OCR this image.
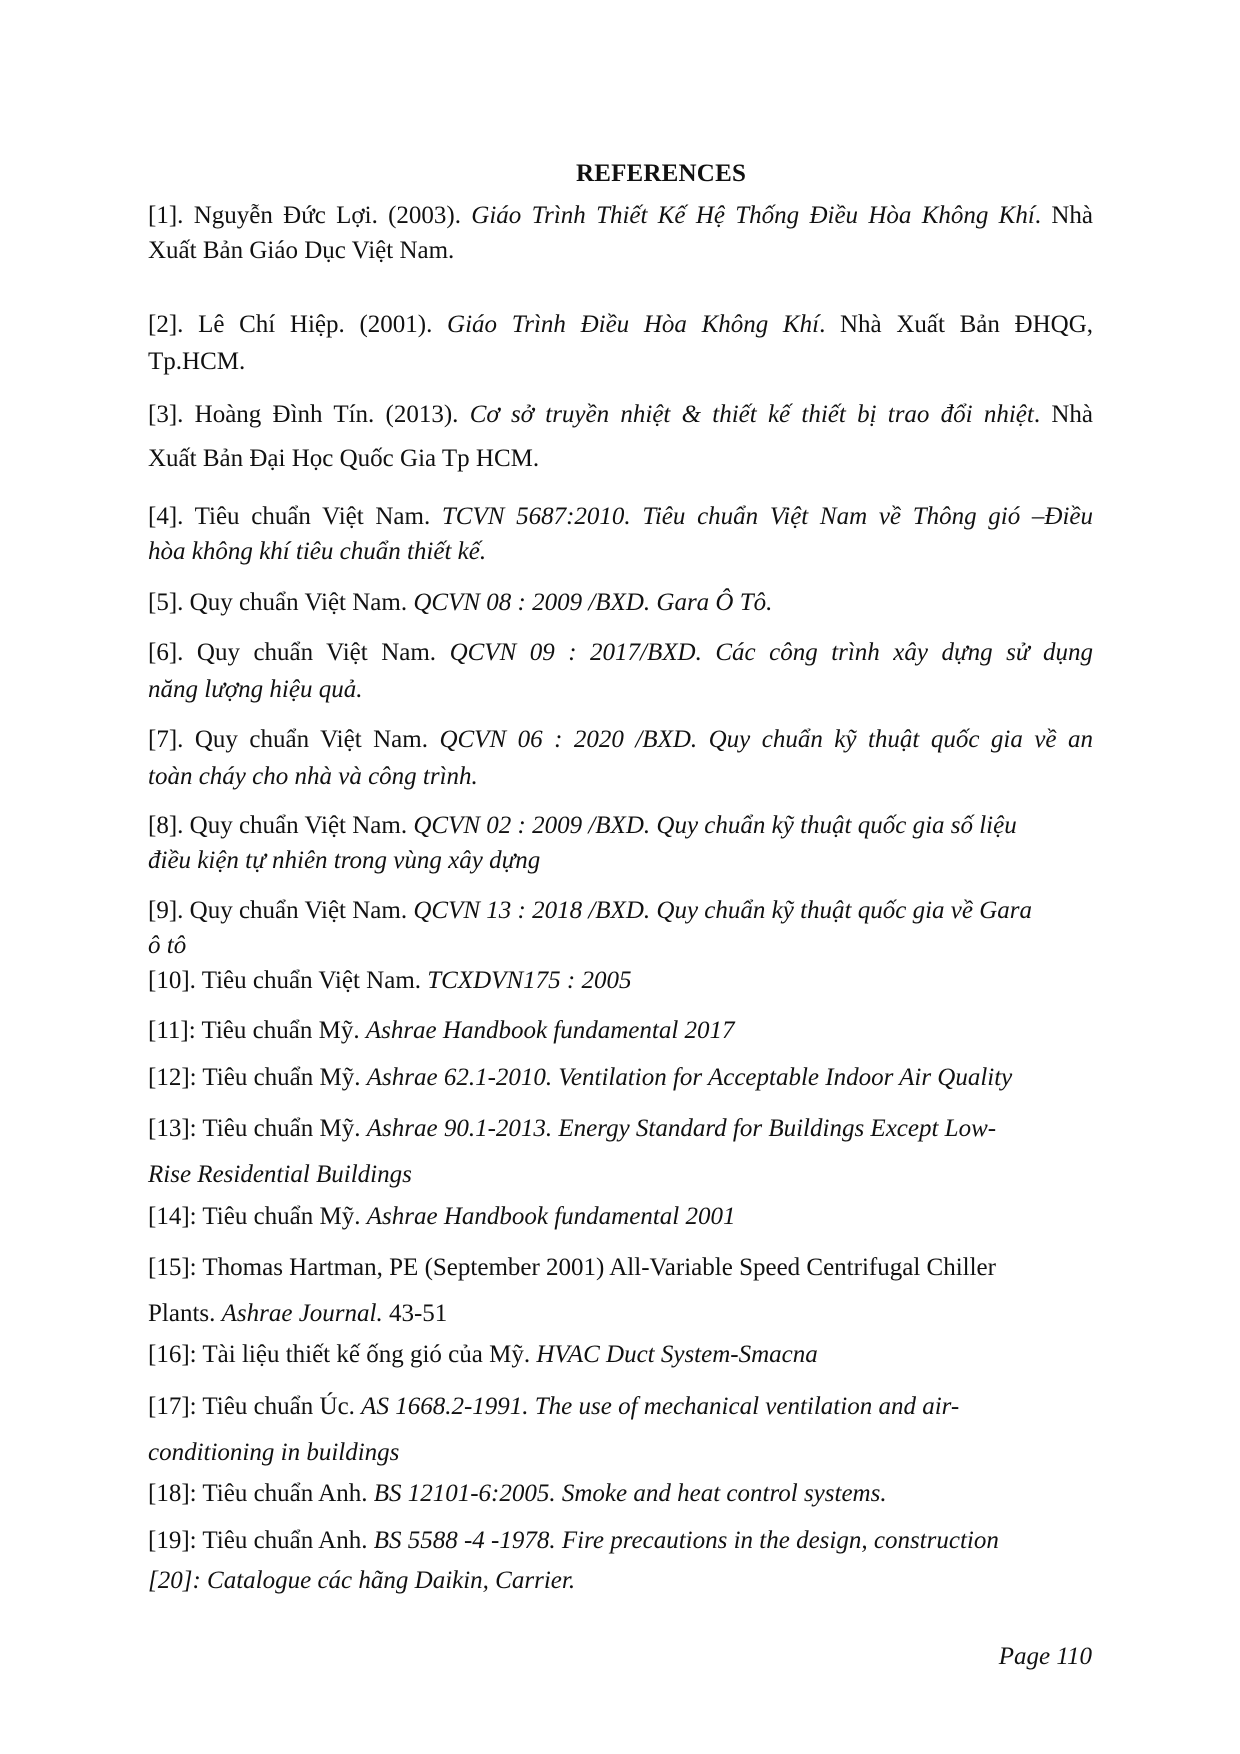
REFERENCES

[1]. Nguyễn Đức Lợi. (2003). Giáo Trình Thiết Kế Hệ Thống Điều Hòa Không Khí. Nhà

Xuất Bản Giáo Dục Việt Nam.

[2]. Lê Chí Hiệp. (2001). Giáo Trình Điều Hòa Không Khí. Nhà Xuất Bản ĐHQG,

Tp.HCM.

[3]. Hoàng Đình Tín. (2013). Cơ sở truyền nhiệt & thiết kế thiết bị trao đổi nhiệt. Nhà

Xuất Bản Đại Học Quốc Gia Tp HCM.

[4]. Tiêu chuẩn Việt Nam. TCVN 5687:2010. Tiêu chuẩn Việt Nam về Thông gió –Điều

hòa không khí tiêu chuẩn thiết kế.

[5]. Quy chuẩn Việt Nam. QCVN 08 : 2009 /BXD. Gara Ô Tô.

[6]. Quy chuẩn Việt Nam. QCVN 09 : 2017/BXD. Các công trình xây dựng sử dụng

năng lượng hiệu quả.

[7]. Quy chuẩn Việt Nam. QCVN 06 : 2020 /BXD. Quy chuẩn kỹ thuật quốc gia về an

toàn cháy cho nhà và công trình.

[8]. Quy chuẩn Việt Nam. QCVN 02 : 2009 /BXD. Quy chuẩn kỹ thuật quốc gia số liệu

điều kiện tự nhiên trong vùng xây dựng

[9]. Quy chuẩn Việt Nam. QCVN 13 : 2018 /BXD. Quy chuẩn kỹ thuật quốc gia về Gara

ô tô

[10]. Tiêu chuẩn Việt Nam. TCXDVN175 : 2005

[11]: Tiêu chuẩn Mỹ. Ashrae Handbook fundamental 2017

[12]: Tiêu chuẩn Mỹ. Ashrae 62.1-2010. Ventilation for Acceptable Indoor Air Quality

[13]: Tiêu chuẩn Mỹ. Ashrae 90.1-2013. Energy Standard for Buildings Except Low-

Rise Residential Buildings

[14]: Tiêu chuẩn Mỹ. Ashrae Handbook fundamental 2001

[15]: Thomas Hartman, PE (September 2001) All-Variable Speed Centrifugal Chiller

Plants. Ashrae Journal. 43-51

[16]: Tài liệu thiết kế ống gió của Mỹ. HVAC Duct System-Smacna

[17]: Tiêu chuẩn Úc. AS 1668.2-1991. The use of mechanical ventilation and air-

conditioning in buildings

[18]: Tiêu chuẩn Anh. BS 12101-6:2005. Smoke and heat control systems.

[19]: Tiêu chuẩn Anh. BS 5588 -4 -1978. Fire precautions in the design, construction

[20]: Catalogue các hãng Daikin, Carrier.

Page 110
